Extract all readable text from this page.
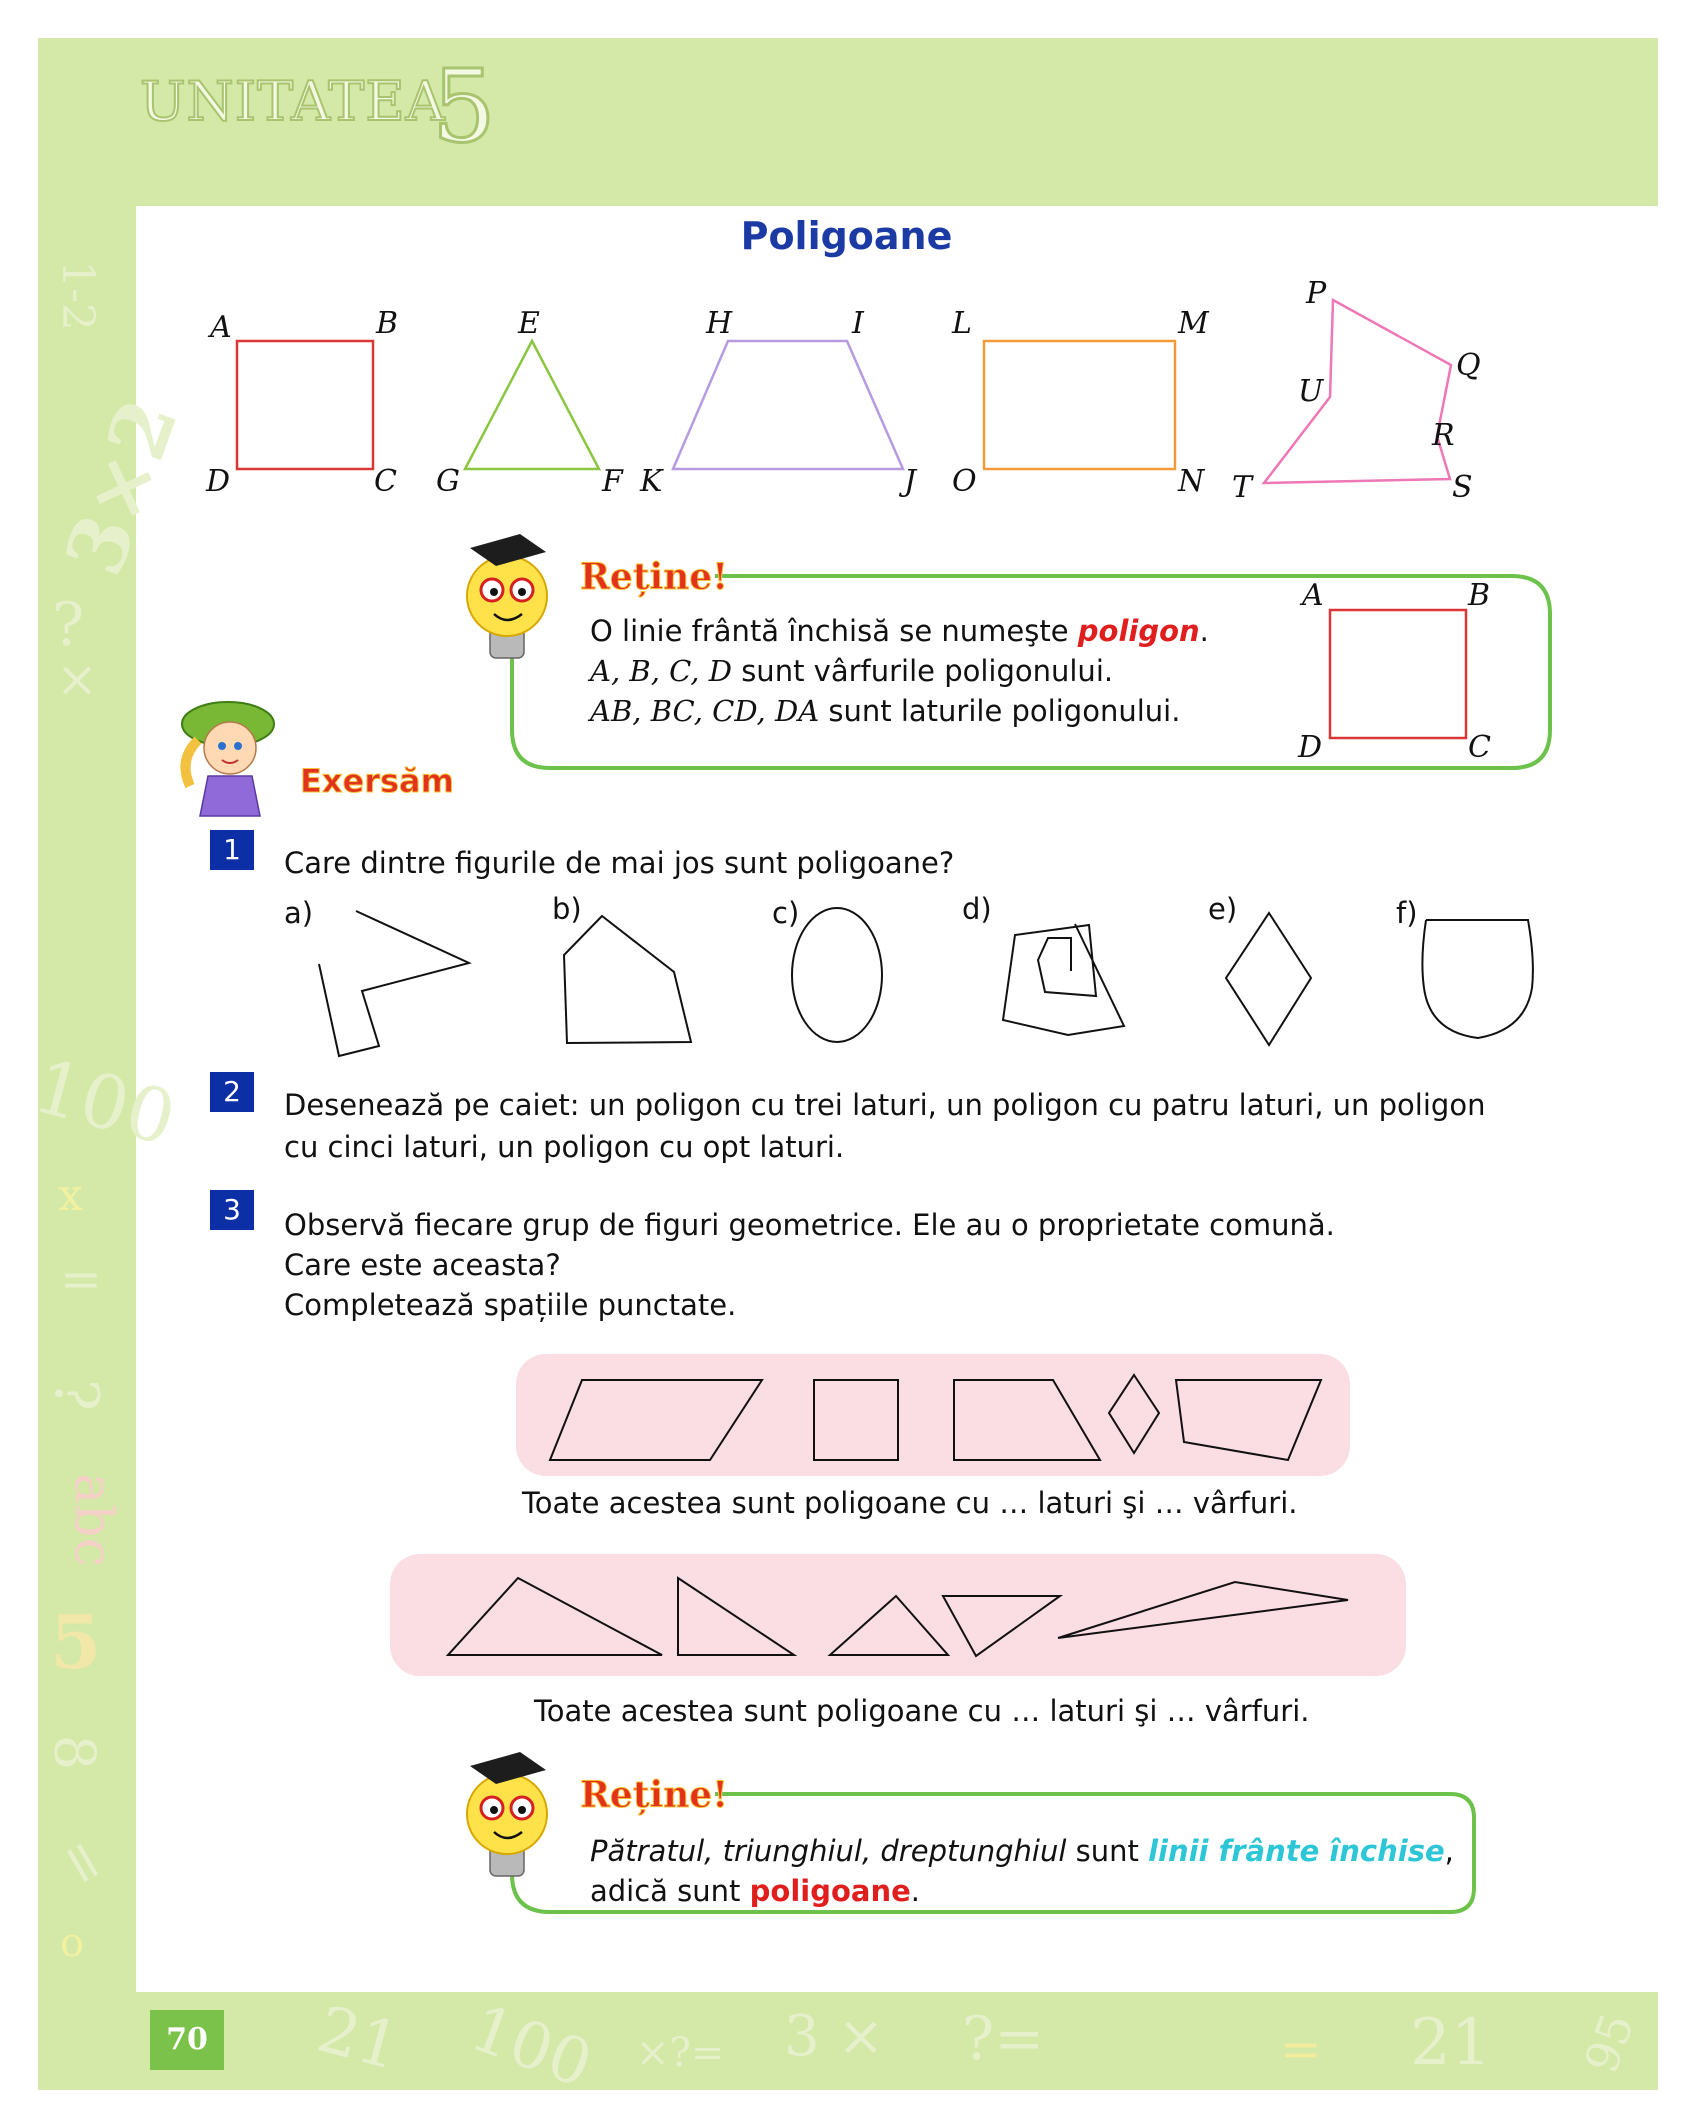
1-2
3×2
?
×
100
x
=
?
abc
5
8
=
o
UNITATEA
5
Poligoane
A	B
C
D
E
G	F
H	I
K	J
L	M
O	N
P
Q
U
R
T	S
Reține!
O linie frântă închisă se numeşte poligon.
A, B, C, D sunt vârfurile poligonului.
AB, BC, CD, DA sunt laturile poligonului.
A	B
D	C
Exersăm
1	Care dintre figurile de mai jos sunt poligoane?
a)	b)	c)	d)	e)	f)
2	Desenează pe caiet: un poligon cu trei laturi, un poligon cu patru laturi, un poligon
cu cinci laturi, un poligon cu opt laturi.
3	Observă fiecare grup de figuri geometrice. Ele au o proprietate comună.
Care este aceasta?
Completează spațiile punctate.
Toate acestea sunt poligoane cu … laturi şi … vârfuri.
Toate acestea sunt poligoane cu … laturi şi … vârfuri.
Reține!
Pătratul, triunghiul, dreptunghiul sunt linii frânte închise,
adică sunt poligoane.
70 21 100 ×?= 3 × ?=	= 21 95
